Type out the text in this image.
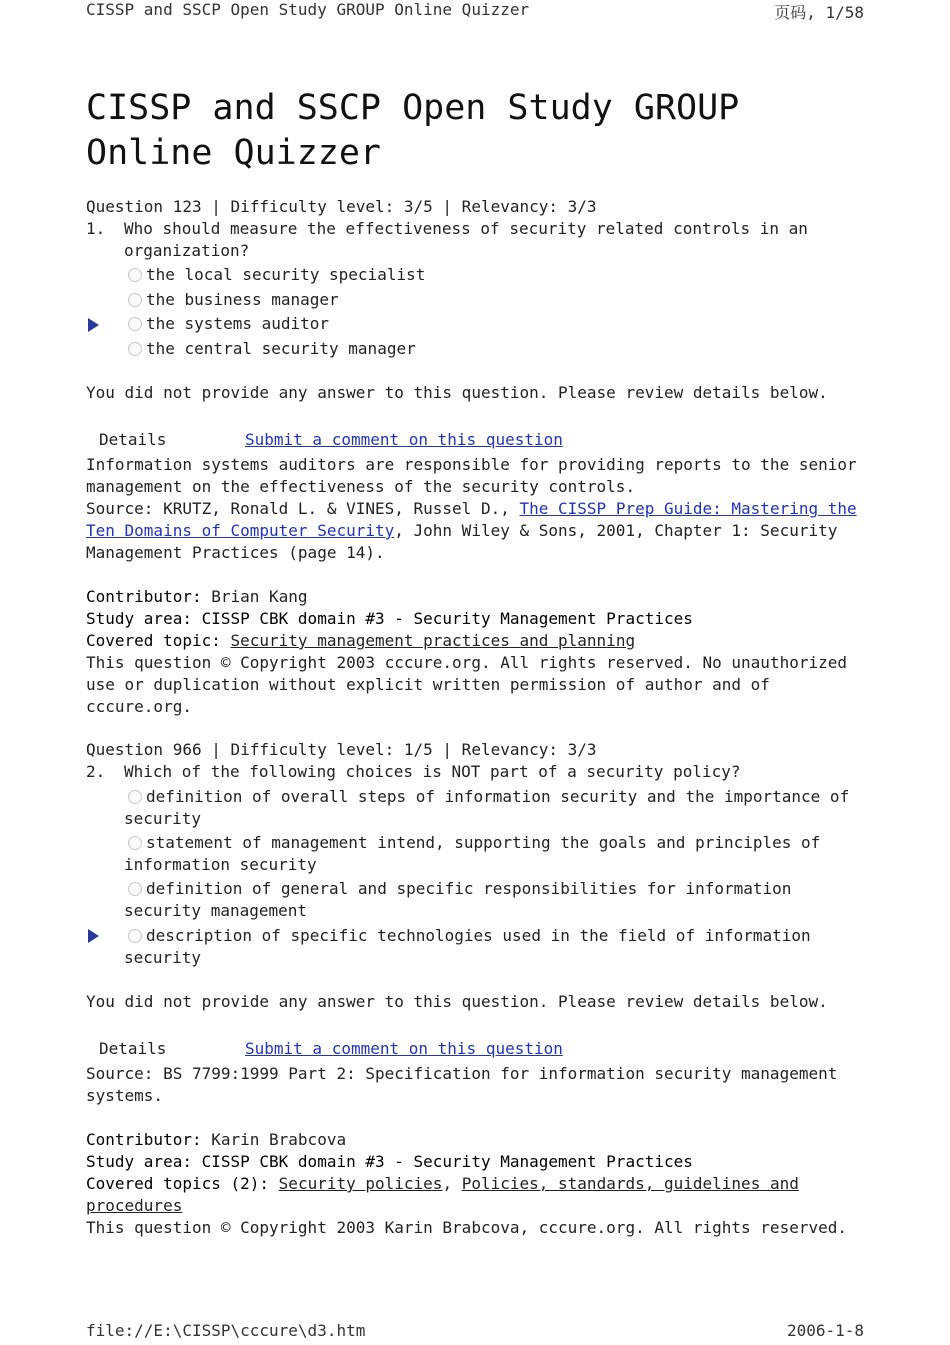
CISSP and SSCP Open Study GROUP Online Quizzer	页码, 1/58
CISSP and SSCP Open Study GROUP Online Quizzer
Question 123 | Difficulty level: 3/5 | Relevancy: 3/3
1. Who should measure the effectiveness of security related controls in an organization?
the local security specialist
the business manager
the systems auditor
the central security manager
You did not provide any answer to this question. Please review details below.
Details	Submit a comment on this question
Information systems auditors are responsible for providing reports to the senior management on the effectiveness of the security controls.
Source: KRUTZ, Ronald L. & VINES, Russel D., The CISSP Prep Guide: Mastering the Ten Domains of Computer Security, John Wiley & Sons, 2001, Chapter 1: Security Management Practices (page 14).
Contributor: Brian Kang
Study area: CISSP CBK domain #3 - Security Management Practices
Covered topic: Security management practices and planning
This question © Copyright 2003 cccure.org. All rights reserved. No unauthorized use or duplication without explicit written permission of author and of cccure.org.
Question 966 | Difficulty level: 1/5 | Relevancy: 3/3
2. Which of the following choices is NOT part of a security policy?
definition of overall steps of information security and the importance of security
statement of management intend, supporting the goals and principles of information security
definition of general and specific responsibilities for information security management
description of specific technologies used in the field of information security
You did not provide any answer to this question. Please review details below.
Details	Submit a comment on this question
Source: BS 7799:1999 Part 2: Specification for information security management systems.
Contributor: Karin Brabcova
Study area: CISSP CBK domain #3 - Security Management Practices
Covered topics (2): Security policies, Policies, standards, guidelines and procedures
This question © Copyright 2003 Karin Brabcova, cccure.org. All rights reserved.
file://E:\CISSP\cccure\d3.htm	2006-1-8
